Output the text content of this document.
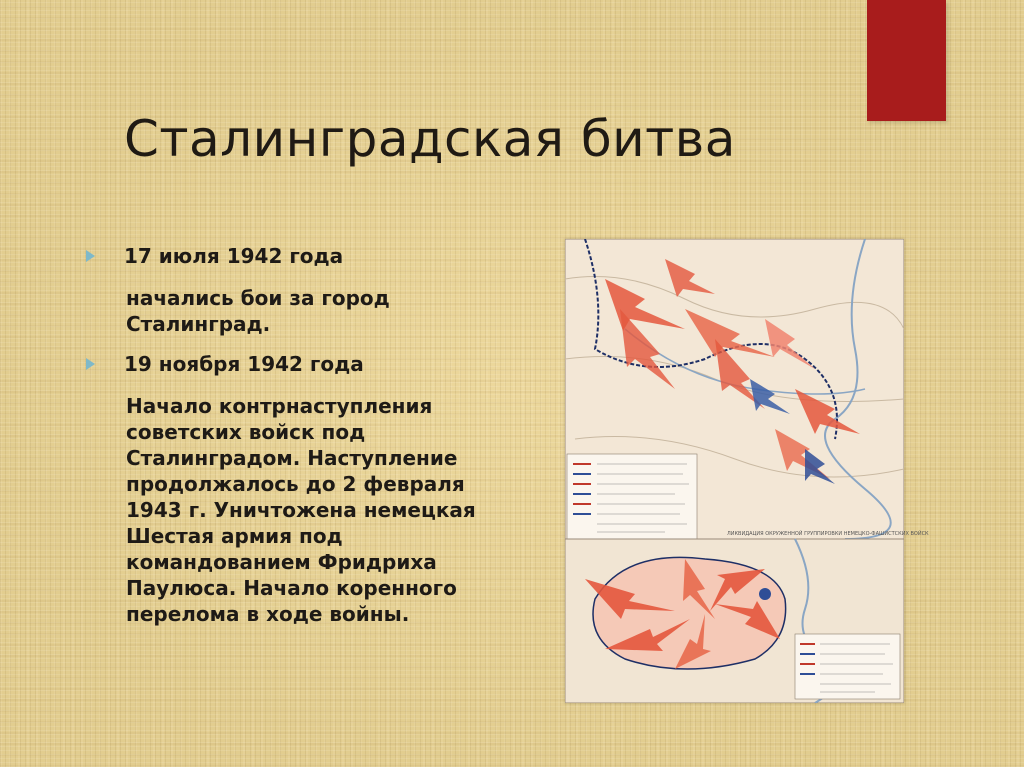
Сталинградская битва
17 июля 1942 года
начались бои за город Сталинград.
19 ноября 1942 года
Начало контрнаступления советских войск под Сталинградом. Наступление продолжалось до 2 февраля 1943 г. Уничтожена немецкая Шестая армия под командованием Фридриха Паулюса. Начало коренного перелома в ходе войны.
ЛИКВИДАЦИЯ ОКРУЖЕННОЙ ГРУППИРОВКИ НЕМЕЦКО-ФАШИСТСКИХ ВОЙСК
